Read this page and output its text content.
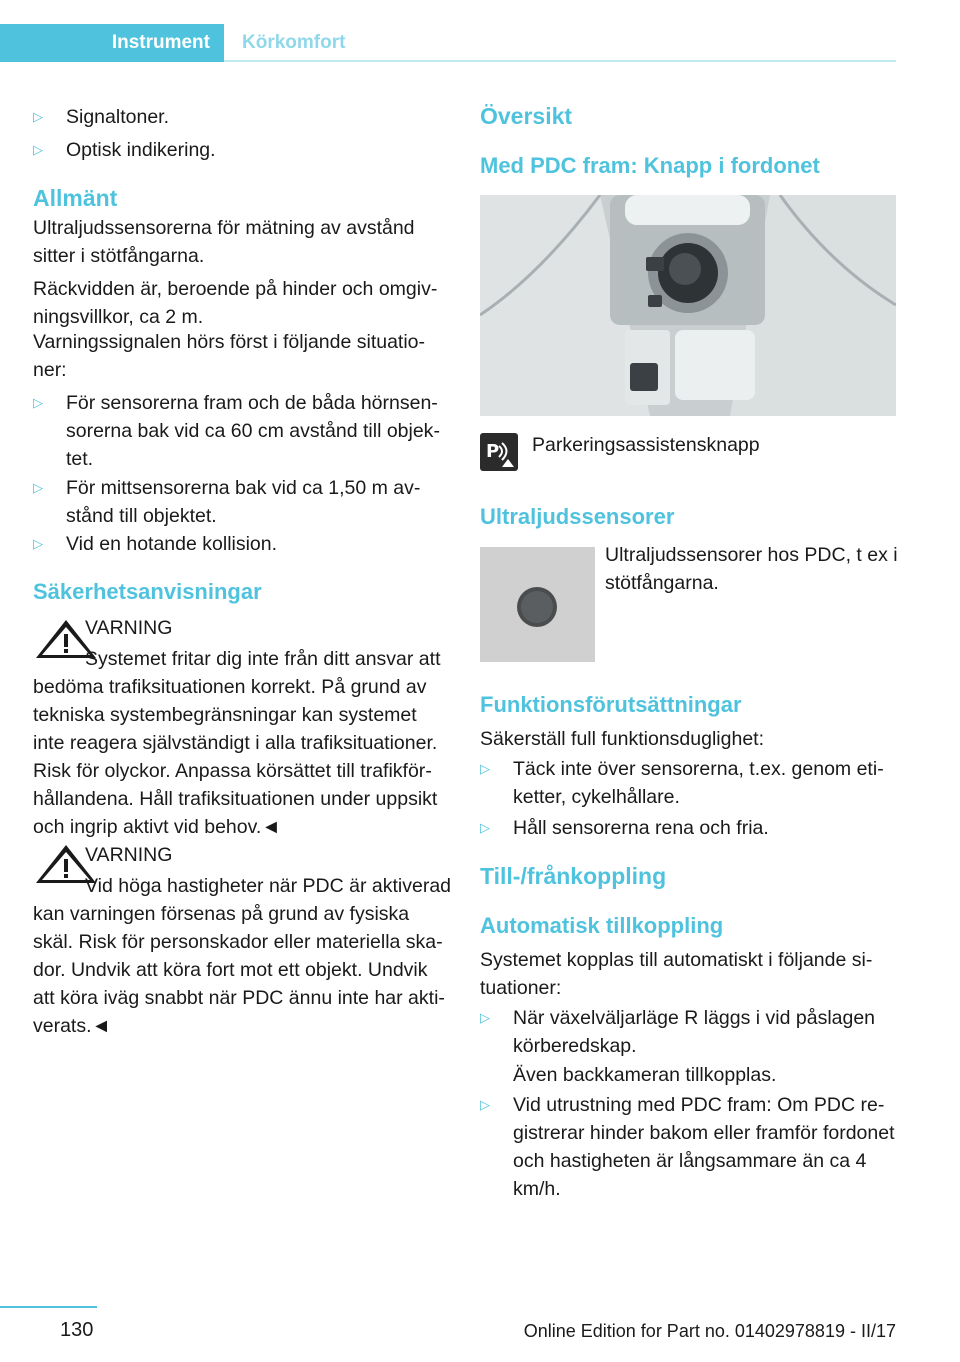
Instrument	Körkomfort
▷ Signaltoner.
▷ Optisk indikering.
Allmänt
Ultraljudssensorerna för mätning av avstånd sitter i stötfångarna.
Räckvidden är, beroende på hinder och omgivningsvillkor, ca 2 m.
Varningssignalen hörs först i följande situationer:
▷ För sensorerna fram och de båda hörnsensorerna bak vid ca 60 cm avstånd till objektet.
▷ För mittsensorerna bak vid ca 1,50 m avstånd till objektet.
▷ Vid en hotande kollision.
Säkerhetsanvisningar
VARNING
Systemet fritar dig inte från ditt ansvar att bedöma trafiksituationen korrekt. På grund av tekniska systembegränsningar kan systemet inte reagera självständigt i alla trafiksituationer. Risk för olyckor. Anpassa körsättet till trafikförhållandena. Håll trafiksituationen under uppsikt och ingrip aktivt vid behov.◄
VARNING
Vid höga hastigheter när PDC är aktiverad kan varningen försenas på grund av fysiska skäl. Risk för personskador eller materiella skador. Undvik att köra fort mot ett objekt. Undvik att köra iväg snabbt när PDC ännu inte har aktiverats.◄
Översikt
Med PDC fram: Knapp i fordonet
P Parkeringsassistensknapp
Ultraljudssensorer
Ultraljudssensorer hos PDC, t ex i stötfångarna.
Funktionsförutsättningar
Säkerställ full funktionsduglighet:
▷ Täck inte över sensorerna, t.ex. genom etiketter, cykelhållare.
▷ Håll sensorerna rena och fria.
Till-/frånkoppling
Automatisk tillkoppling
Systemet kopplas till automatiskt i följande situationer:
▷ När växelväljarläge R läggs i vid påslagen körberedskap.
Även backkameran tillkopplas.
▷ Vid utrustning med PDC fram: Om PDC registrerar hinder bakom eller framför fordonet och hastigheten är långsammare än ca 4 km/h.
130	Online Edition for Part no. 01402978819 - II/17
